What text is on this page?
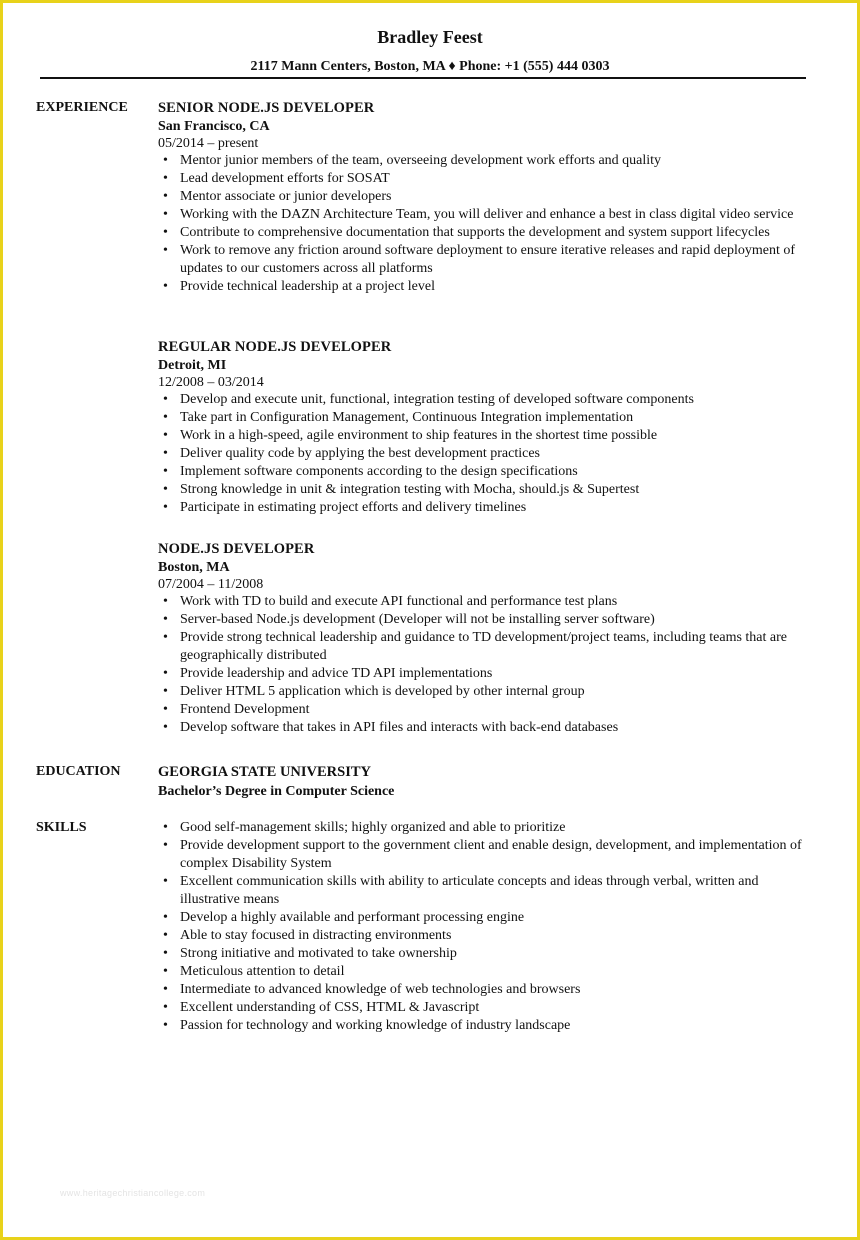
Bradley Feest
2117 Mann Centers, Boston, MA ♦ Phone: +1 (555) 444 0303
EXPERIENCE SENIOR NODE.JS DEVELOPER
San Francisco, CA
05/2014 – present
• Mentor junior members of the team, overseeing development work efforts and quality
• Lead development efforts for SOSAT
• Mentor associate or junior developers
• Working with the DAZN Architecture Team, you will deliver and enhance a best in class digital video service
• Contribute to comprehensive documentation that supports the development and system support lifecycles
• Work to remove any friction around software deployment to ensure iterative releases and rapid deployment of updates to our customers across all platforms
• Provide technical leadership at a project level
REGULAR NODE.JS DEVELOPER
Detroit, MI
12/2008 – 03/2014
• Develop and execute unit, functional, integration testing of developed software components
• Take part in Configuration Management, Continuous Integration implementation
• Work in a high-speed, agile environment to ship features in the shortest time possible
• Deliver quality code by applying the best development practices
• Implement software components according to the design specifications
• Strong knowledge in unit & integration testing with Mocha, should.js & Supertest
• Participate in estimating project efforts and delivery timelines
NODE.JS DEVELOPER
Boston, MA
07/2004 – 11/2008
• Work with TD to build and execute API functional and performance test plans
• Server-based Node.js development (Developer will not be installing server software)
• Provide strong technical leadership and guidance to TD development/project teams, including teams that are geographically distributed
• Provide leadership and advice TD API implementations
• Deliver HTML 5 application which is developed by other internal group
• Frontend Development
• Develop software that takes in API files and interacts with back-end databases
EDUCATION	GEORGIA STATE UNIVERSITY
Bachelor’s Degree in Computer Science
SKILLS
•	Good self-management skills; highly organized and able to prioritize
• Provide development support to the government client and enable design, development, and implementation of complex Disability System
• Excellent communication skills with ability to articulate concepts and ideas through verbal, written and illustrative means
• Develop a highly available and performant processing engine
• Able to stay focused in distracting environments
• Strong initiative and motivated to take ownership
• Meticulous attention to detail
• Intermediate to advanced knowledge of web technologies and browsers
• Excellent understanding of CSS, HTML & Javascript
• Passion for technology and working knowledge of industry landscape
www.heritagechristiancollege.com
